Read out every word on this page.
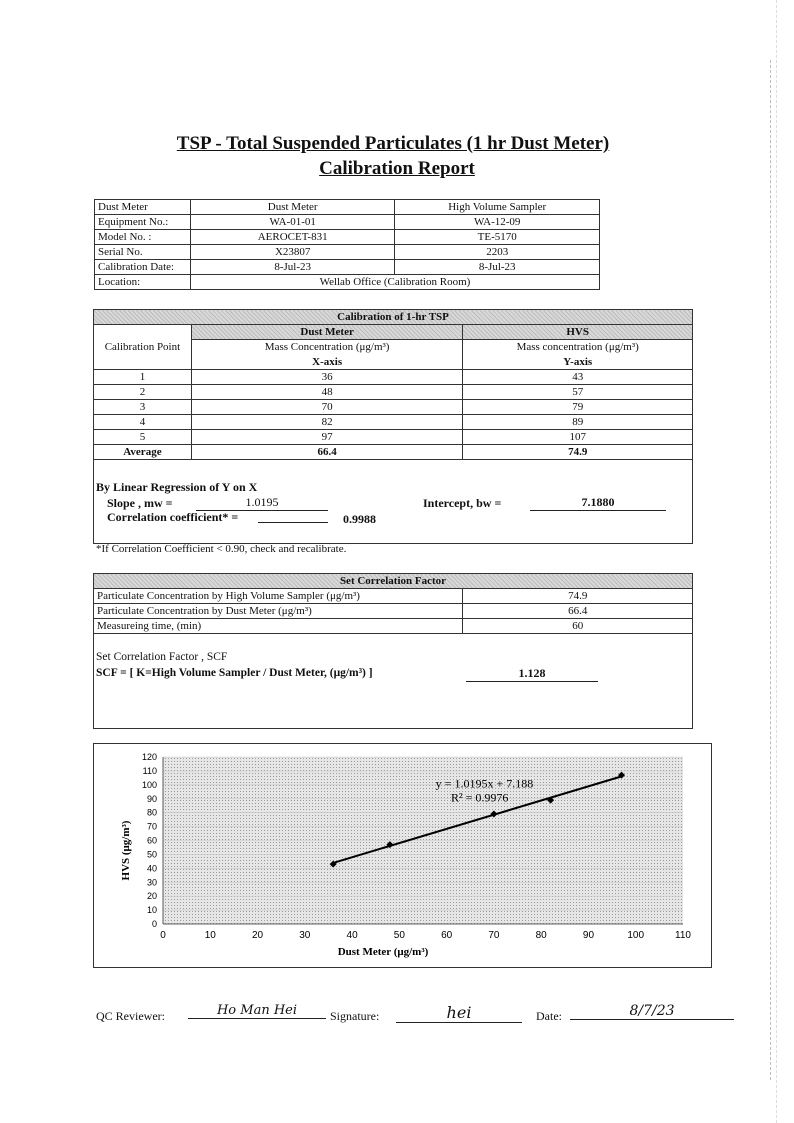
TSP - Total Suspended Particulates (1 hr Dust Meter)
Calibration Report
Dust Meter	Dust Meter	High Volume Sampler
Equipment No.:	WA-01-01	WA-12-09
Model No. :	AEROCET-831	TE-5170
Serial No.	X23807	2203
Calibration Date:	8-Jul-23	8-Jul-23
Location:	Wellab Office (Calibration Room)	
Calibration of 1-hr TSP		
Calibration Point	Dust Meter	HVS
	Mass Concentration (μg/m³)	Mass concentration (μg/m³)
	X-axis	Y-axis
1	36	43
2	48	57
3	70	79
4	82	89
5	97	107
Average	66.4	74.9
By Linear Regression of Y on X
Slope , mw =	1.0195	Intercept, bw =	7.1880
Correlation coefficient* =	0.9988
*If Correlation Coefficient < 0.90, check and recalibrate.
Set Correlation Factor	
Particulate Concentration by High Volume Sampler (μg/m³)	74.9
Particulate Concentration by Dust Meter (μg/m³)	66.4
Measureing time, (min)	60
Set Correlation Factor , SCF
SCF = [ K=High Volume Sampler / Dust Meter, (μg/m³) ]	1.128
0
10
20
30
40
50
60
70
80
90
100
110
120
0	10	20	30	40	50	60	70	80	90	100	110
y = 1.0195x + 7.188
R² = 0.9976
Dust Meter (μg/m³)
HVS (μg/m³)
QC Reviewer:	Ho Man Hei	Signature:	hei	Date:	8/7/23
